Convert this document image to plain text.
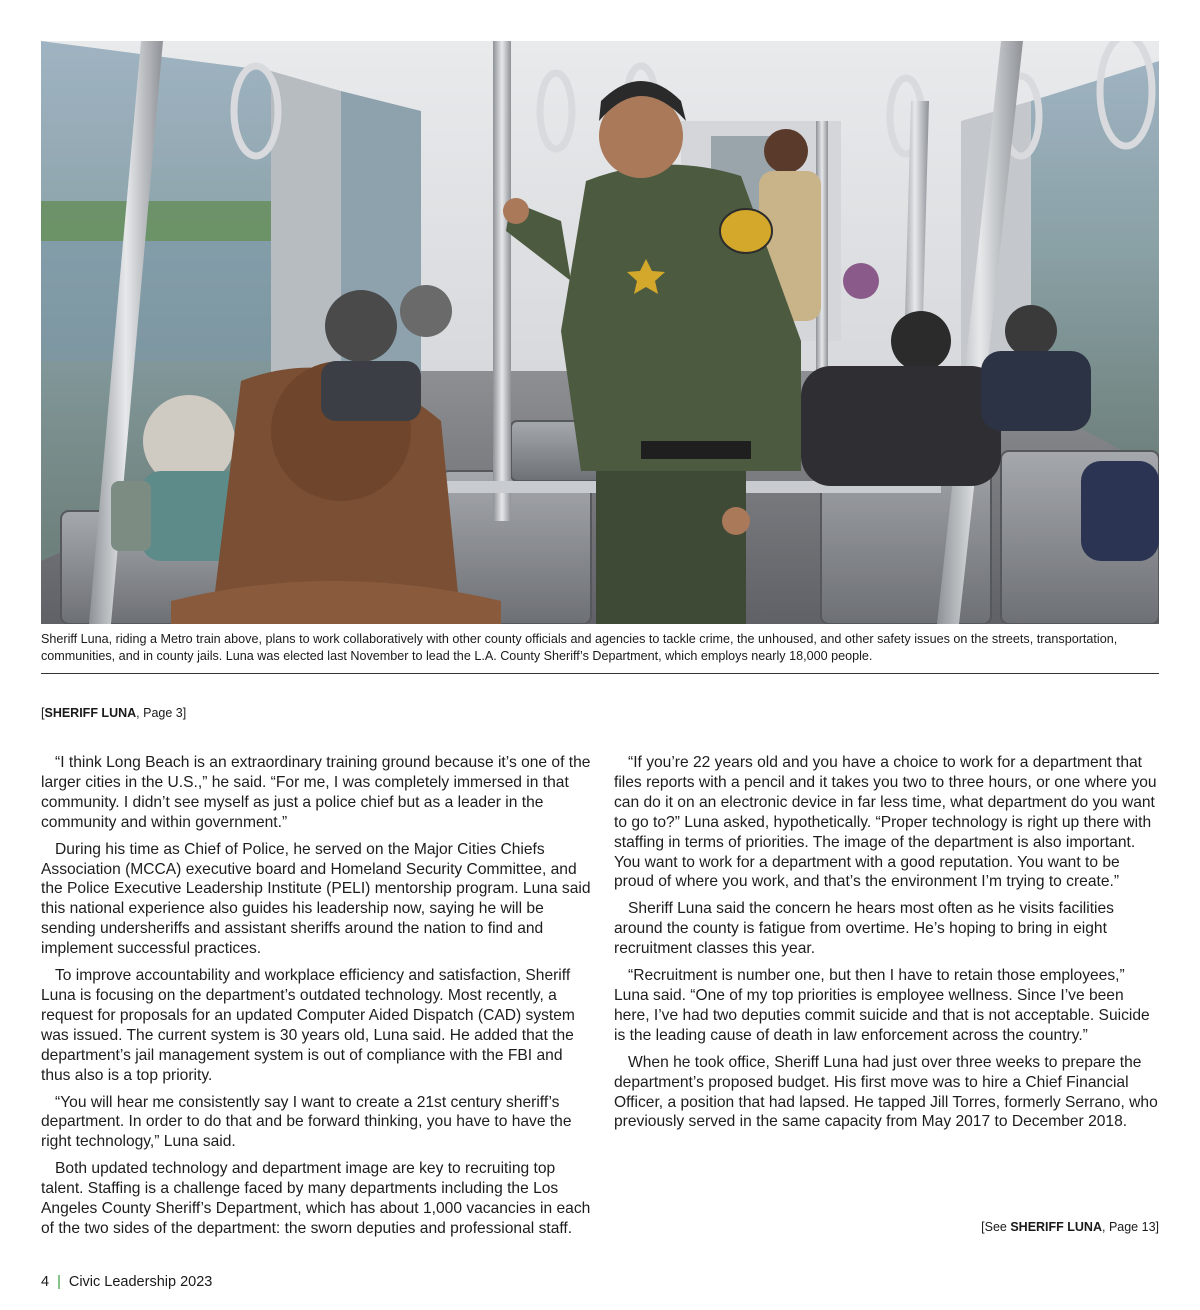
Sheriff Luna, riding a Metro train above, plans to work collaboratively with other county officials and agencies to tackle crime, the unhoused, and other safety issues on the streets, transportation, communities, and in county jails. Luna was elected last November to lead the L.A. County Sheriff’s Department, which employs nearly 18,000 people.
[SHERIFF LUNA, Page 3]

“I think Long Beach is an extraordinary training ground because it’s one of the larger cities in the U.S.,” he said. “For me, I was completely immersed in that community. I didn’t see myself as just a police chief but as a leader in the community and within government.”

During his time as Chief of Police, he served on the Major Cities Chiefs Association (MCCA) executive board and Homeland Security Committee, and the Police Executive Leadership Institute (PELI) mentorship program. Luna said this national experience also guides his leadership now, saying he will be sending undersheriffs and assistant sheriffs around the nation to find and implement successful practices.

To improve accountability and workplace efficiency and satisfaction, Sheriff Luna is focusing on the department’s outdated technology. Most recently, a request for proposals for an updated Computer Aided Dispatch (CAD) system was issued. The current system is 30 years old, Luna said. He added that the department’s jail management system is out of compliance with the FBI and thus also is a top priority.

“You will hear me consistently say I want to create a 21st century sheriff’s department. In order to do that and be forward thinking, you have to have the right technology,” Luna said.

Both updated technology and department image are key to recruiting top talent. Staffing is a challenge faced by many departments including the Los Angeles County Sheriff’s Department, which has about 1,000 vacancies in each of the two sides of the department: the sworn deputies and professional staff.

“If you’re 22 years old and you have a choice to work for a department that files reports with a pencil and it takes you two to three hours, or one where you can do it on an electronic device in far less time, what department do you want to go to?” Luna asked, hypothetically. “Proper technology is right up there with staffing in terms of priorities. The image of the department is also important. You want to work for a department with a good reputation. You want to be proud of where you work, and that’s the environment I’m trying to create.”

Sheriff Luna said the concern he hears most often as he visits facilities around the county is fatigue from overtime. He’s hoping to bring in eight recruitment classes this year.

“Recruitment is number one, but then I have to retain those employees,” Luna said. “One of my top priorities is employee wellness. Since I’ve been here, I’ve had two deputies commit suicide and that is not acceptable. Suicide is the leading cause of death in law enforcement across the country.”

When he took office, Sheriff Luna had just over three weeks to prepare the department’s proposed budget. His first move was to hire a Chief Financial Officer, a position that had lapsed. He tapped Jill Torres, formerly Serrano, who previously served in the same capacity from May 2017 to December 2018.

[See SHERIFF LUNA, Page 13]
4 | Civic Leadership 2023
